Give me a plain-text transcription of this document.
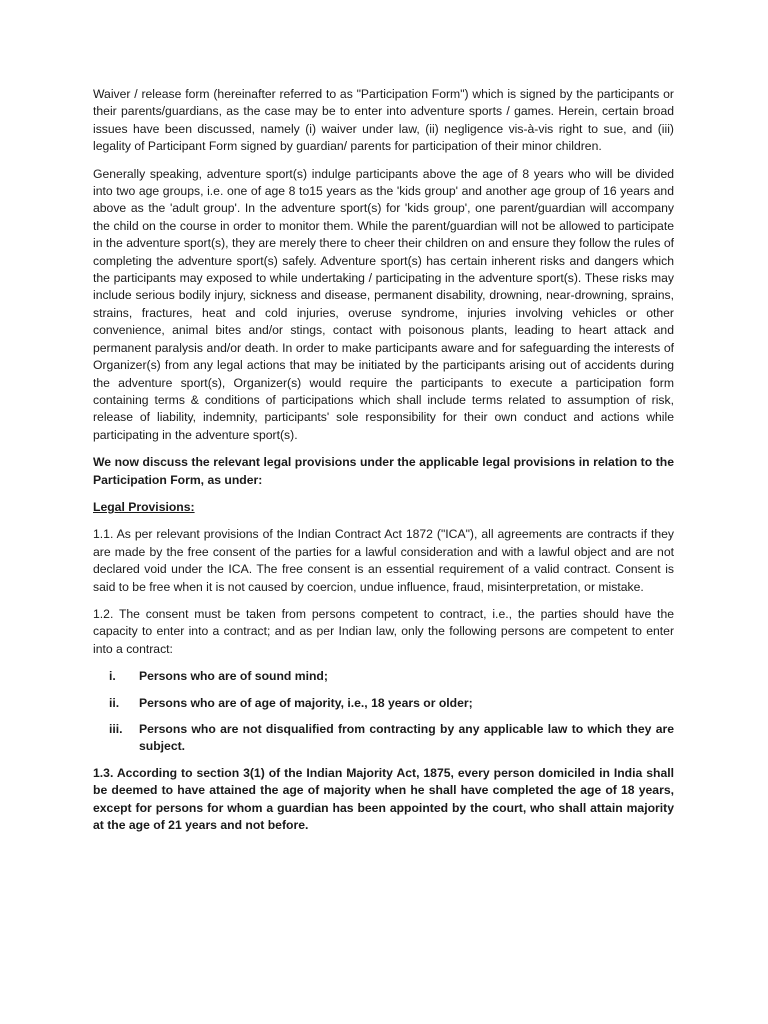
Waiver / release form (hereinafter referred to as "Participation Form") which is signed by the participants or their parents/guardians, as the case may be to enter into adventure sports / games. Herein, certain broad issues have been discussed, namely (i) waiver under law, (ii) negligence vis-à-vis right to sue, and (iii) legality of Participant Form signed by guardian/ parents for participation of their minor children.

Generally speaking, adventure sport(s) indulge participants above the age of 8 years who will be divided into two age groups, i.e. one of age 8 to15 years as the 'kids group' and another age group of 16 years and above as the 'adult group'. In the adventure sport(s) for 'kids group', one parent/guardian will accompany the child on the course in order to monitor them. While the parent/guardian will not be allowed to participate in the adventure sport(s), they are merely there to cheer their children on and ensure they follow the rules of completing the adventure sport(s) safely. Adventure sport(s) has certain inherent risks and dangers which the participants may exposed to while undertaking / participating in the adventure sport(s). These risks may include serious bodily injury, sickness and disease, permanent disability, drowning, near-drowning, sprains, strains, fractures, heat and cold injuries, overuse syndrome, injuries involving vehicles or other convenience, animal bites and/or stings, contact with poisonous plants, leading to heart attack and permanent paralysis and/or death. In order to make participants aware and for safeguarding the interests of Organizer(s) from any legal actions that may be initiated by the participants arising out of accidents during the adventure sport(s), Organizer(s) would require the participants to execute a participation form containing terms & conditions of participations which shall include terms related to assumption of risk, release of liability, indemnity, participants' sole responsibility for their own conduct and actions while participating in the adventure sport(s).

We now discuss the relevant legal provisions under the applicable legal provisions in relation to the Participation Form, as under:

Legal Provisions:

1.1. As per relevant provisions of the Indian Contract Act 1872 ("ICA"), all agreements are contracts if they are made by the free consent of the parties for a lawful consideration and with a lawful object and are not declared void under the ICA. The free consent is an essential requirement of a valid contract. Consent is said to be free when it is not caused by coercion, undue influence, fraud, misinterpretation, or mistake.

1.2. The consent must be taken from persons competent to contract, i.e., the parties should have the capacity to enter into a contract; and as per Indian law, only the following persons are competent to enter into a contract:

i.	Persons who are of sound mind;
ii.	Persons who are of age of majority, i.e., 18 years or older;
iii.	Persons who are not disqualified from contracting by any applicable law to which they are subject.

1.3. According to section 3(1) of the Indian Majority Act, 1875, every person domiciled in India shall be deemed to have attained the age of majority when he shall have completed the age of 18 years, except for persons for whom a guardian has been appointed by the court, who shall attain majority at the age of 21 years and not before.
